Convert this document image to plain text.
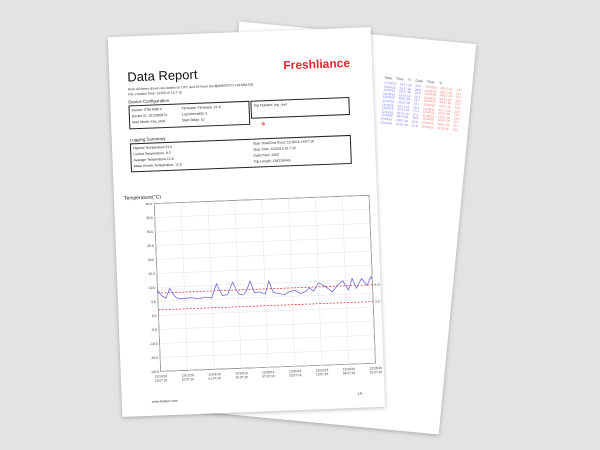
Date Time °C Date Time °C
12/10/16 19:17:16 21.0 12/18/16 09:17:16 14.2
12/10/16 19:27:16 20.8 12/18/16 09:27:16 14.0
12/10/16 19:37:16 20.6 12/18/16 09:37:16 13.9
12/10/16 19:47:16 20.1 12/18/16 09:47:16 13.8
12/10/16 19:57:16 19.7 12/18/16 09:57:16 13.7
12/10/16 20:07:16 19.1 12/18/16 10:07:16 13.6
12/10/16 20:17:16 18.4 12/18/16 10:17:16 13.5
12/10/16 20:27:16 17.9 12/18/16 10:27:16 13.4
12/10/16 20:37:16 17.2 12/18/16 10:37:16 13.3
12/10/16 20:47:16 16.8 12/18/16 10:47:16 13.2
12/10/16 20:57:16 16.3 12/18/16 10:57:16 13.1
12/10/16 21:07:16 15.9 12/18/16 11:07:16 13.0
Data Report
Freshliance
Note:All times shown are based on UTC and 24-Hour clock[MM/DD/YY HH:MM:SS]
File Created Time: 12/26/16 15:7:16
Device Configuration
Device: STM MINI II	Firmware: Firmware_V1.0
Device ID: 1612000274	Log Interval(s): 5
Start Mode: Key_start	Start Delay: 10
Trip Number: trip_num
⊗
Logging Summary
Highest Temperature:21.0
Lowest Temperature: 8.3
Average Temperature:12.8
Mean Kinetic Temperature: 12.9
Start Time/First Point: 12/10/16 19:07:16
Stop Time: 12/26/16 15:7:16
Data Point: 4303
Trip Length: 13d21h04m
Temperature(°C)
40.0
35.0
30.0
25.0
20.0
15.0
10.0
5.0
0.0
-5.0
-10.0
-15.0
-20.0
12/10/16
19:07:16
12/12/16
10:07:16
12/14/16
01:07:16
12/16/16
16:07:16
12/18/16
07:07:16
12/20/16
22:07:16
12/22/16
13:07:16
12/24/16
04:07:16
12/26/16
15:07:16
8.0°C
2.0 °C
www.besterr.com
1/6
